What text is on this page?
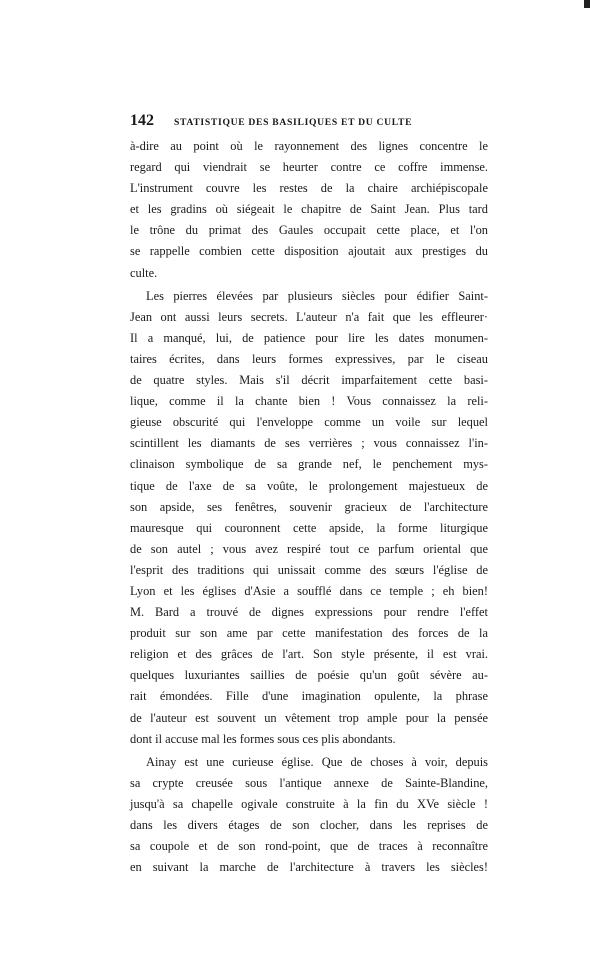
142	STATISTIQUE DES BASILIQUES ET DU CULTE
à-dire au point où le rayonnement des lignes concentre le
regard qui viendrait se heurter contre ce coffre immense.
L'instrument couvre les restes de la chaire archiépiscopale
et les gradins où siégeait le chapitre de Saint Jean. Plus tard
le trône du primat des Gaules occupait cette place, et l'on
se rappelle combien cette disposition ajoutait aux prestiges du
culte.
Les pierres élevées par plusieurs siècles pour édifier Saint-
Jean ont aussi leurs secrets. L'auteur n'a fait que les effleurer·
Il a manqué, lui, de patience pour lire les dates monumen-
taires écrites, dans leurs formes expressives, par le ciseau
de quatre styles. Mais s'il décrit imparfaitement cette basi-
lique, comme il la chante bien ! Vous connaissez la reli-
gieuse obscurité qui l'enveloppe comme un voile sur lequel
scintillent les diamants de ses verrières ; vous connaissez l'in-
clinaison symbolique de sa grande nef, le penchement mys-
tique de l'axe de sa voûte, le prolongement majestueux de
son apside, ses fenêtres, souvenir gracieux de l'architecture
mauresque qui couronnent cette apside, la forme liturgique
de son autel ; vous avez respiré tout ce parfum oriental que
l'esprit des traditions qui unissait comme des sœurs l'église de
Lyon et les églises d'Asie a soufflé dans ce temple ; eh bien!
M. Bard a trouvé de dignes expressions pour rendre l'effet
produit sur son ame par cette manifestation des forces de la
religion et des grâces de l'art. Son style présente, il est vrai.
quelques luxuriantes saillies de poésie qu'un goût sévère au-
rait émondées. Fille d'une imagination opulente, la phrase
de l'auteur est souvent un vêtement trop ample pour la pensée
dont il accuse mal les formes sous ces plis abondants.
Ainay est une curieuse église. Que de choses à voir, depuis
sa crypte creusée sous l'antique annexe de Sainte-Blandine,
jusqu'à sa chapelle ogivale construite à la fin du XVe siècle !
dans les divers étages de son clocher, dans les reprises de
sa coupole et de son rond-point, que de traces à reconnaître
en suivant la marche de l'architecture à travers les siècles!
